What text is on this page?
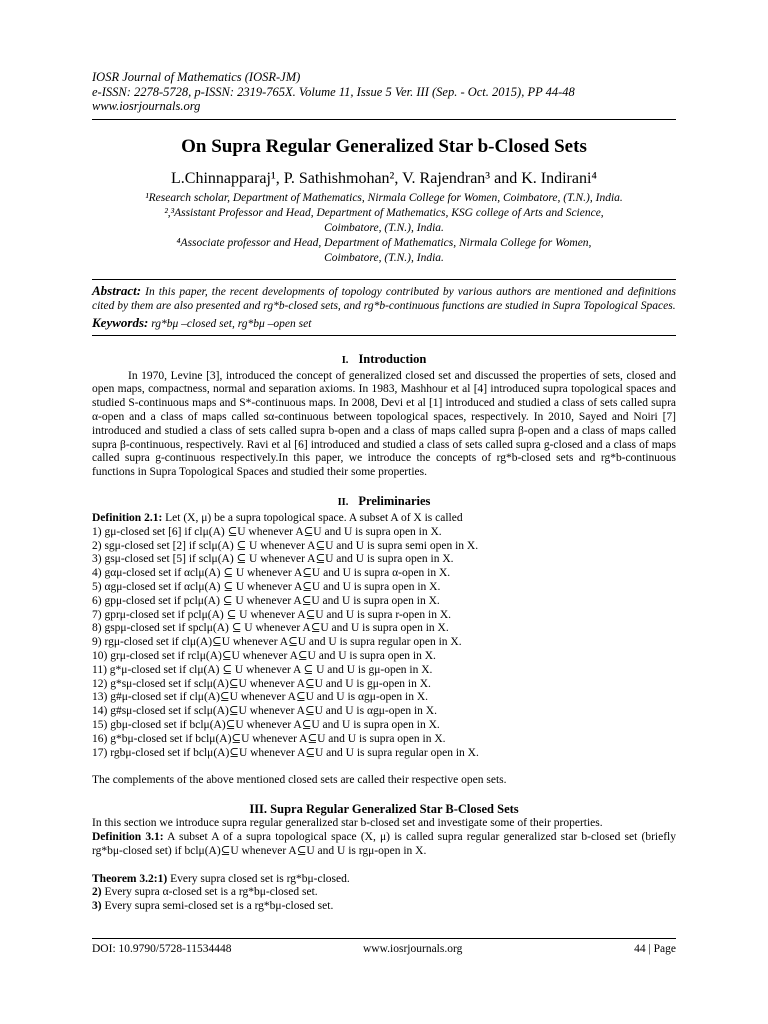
IOSR Journal of Mathematics (IOSR-JM)
e-ISSN: 2278-5728, p-ISSN: 2319-765X. Volume 11, Issue 5 Ver. III (Sep. - Oct. 2015), PP 44-48
www.iosrjournals.org
On Supra Regular Generalized Star b-Closed Sets
L.Chinnapparaj¹, P. Sathishmohan², V. Rajendran³ and K. Indirani⁴
¹Research scholar, Department of Mathematics, Nirmala College for Women, Coimbatore, (T.N.), India.
²,³Assistant Professor and Head, Department of Mathematics, KSG college of Arts and Science,
Coimbatore, (T.N.), India.
⁴Associate professor and Head, Department of Mathematics, Nirmala College for Women,
Coimbatore, (T.N.), India.
Abstract: In this paper, the recent developments of topology contributed by various authors are mentioned and definitions cited by them are also presented and rg*b-closed sets, and rg*b-continuous functions are studied in Supra Topological Spaces.
Keywords: rg*bμ –closed set, rg*bμ –open set
I. Introduction
In 1970, Levine [3], introduced the concept of generalized closed set and discussed the properties of sets, closed and open maps, compactness, normal and separation axioms. In 1983, Mashhour et al [4] introduced supra topological spaces and studied S-continuous maps and S*-continuous maps. In 2008, Devi et al [1] introduced and studied a class of sets called supra α-open and a class of maps called sα-continuous between topological spaces, respectively. In 2010, Sayed and Noiri [7] introduced and studied a class of sets called supra b-open and a class of maps called supra β-open and a class of maps called supra β-continuous, respectively. Ravi et al [6] introduced and studied a class of sets called supra g-closed and a class of maps called supra g-continuous respectively.In this paper, we introduce the concepts of rg*b-closed sets and rg*b-continuous functions in Supra Topological Spaces and studied their some properties.
II. Preliminaries
Definition 2.1: Let (X, μ) be a supra topological space. A subset A of X is called
1) gμ-closed set [6] if clμ(A) ⊆U whenever A⊆U and U is supra open in X.
2) sgμ-closed set [2] if sclμ(A) ⊆ U whenever A⊆U and U is supra semi open in X.
3) gsμ-closed set [5] if sclμ(A) ⊆ U whenever A⊆U and U is supra open in X.
4) gαμ-closed set if αclμ(A) ⊆ U whenever A⊆U and U is supra α-open in X.
5) αgμ-closed set if αclμ(A) ⊆ U whenever A⊆U and U is supra open in X.
6) gpμ-closed set if pclμ(A) ⊆ U whenever A⊆U and U is supra open in X.
7) gprμ-closed set if pclμ(A) ⊆ U whenever A⊆U and U is supra r-open in X.
8) gspμ-closed set if spclμ(A) ⊆ U whenever A⊆U and U is supra open in X.
9) rgμ-closed set if clμ(A)⊆U whenever A⊆U and U is supra regular open in X.
10) grμ-closed set if rclμ(A)⊆U whenever A⊆U and U is supra open in X.
11) g*μ-closed set if clμ(A) ⊆ U whenever A ⊆ U and U is gμ-open in X.
12) g*sμ-closed set if sclμ(A)⊆U whenever A⊆U and U is gμ-open in X.
13) g#μ-closed set if clμ(A)⊆U whenever A⊆U and U is αgμ-open in X.
14) g#sμ-closed set if sclμ(A)⊆U whenever A⊆U and U is αgμ-open in X.
15) gbμ-closed set if bclμ(A)⊆U whenever A⊆U and U is supra open in X.
16) g*bμ-closed set if bclμ(A)⊆U whenever A⊆U and U is supra open in X.
17) rgbμ-closed set if bclμ(A)⊆U whenever A⊆U and U is supra regular open in X.
The complements of the above mentioned closed sets are called their respective open sets.
III. Supra Regular Generalized Star B-Closed Sets
In this section we introduce supra regular generalized star b-closed set and investigate some of their properties.
Definition 3.1: A subset A of a supra topological space (X, μ) is called supra regular generalized star b-closed set (briefly rg*bμ-closed set) if bclμ(A)⊆U whenever A⊆U and U is rgμ-open in X.
Theorem 3.2:1) Every supra closed set is rg*bμ-closed.
2) Every supra α-closed set is a rg*bμ-closed set.
3) Every supra semi-closed set is a rg*bμ-closed set.
DOI: 10.9790/5728-11534448	www.iosrjournals.org	44 | Page
